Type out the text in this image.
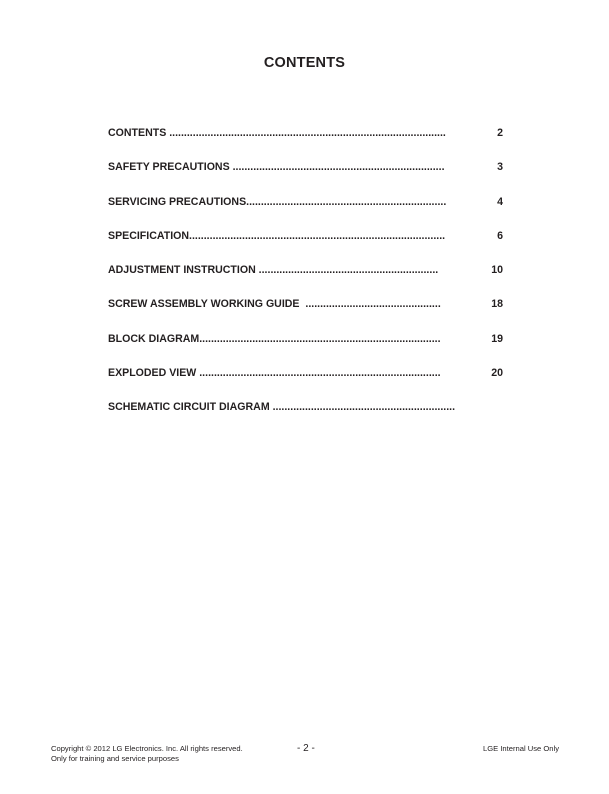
CONTENTS
CONTENTS ..............................................................................................	2
SAFETY PRECAUTIONS ........................................................................	3
SERVICING PRECAUTIONS....................................................................	4
SPECIFICATION.......................................................................................	6
ADJUSTMENT INSTRUCTION .............................................................	10
SCREW ASSEMBLY WORKING GUIDE  ..............................................	18
BLOCK DIAGRAM..................................................................................	19
EXPLODED VIEW ..................................................................................	20
SCHEMATIC CIRCUIT DIAGRAM ..............................................................
Copyright © 2012 LG Electronics. Inc. All rights reserved.
Only for training and service purposes
- 2 -	LGE Internal Use Only
